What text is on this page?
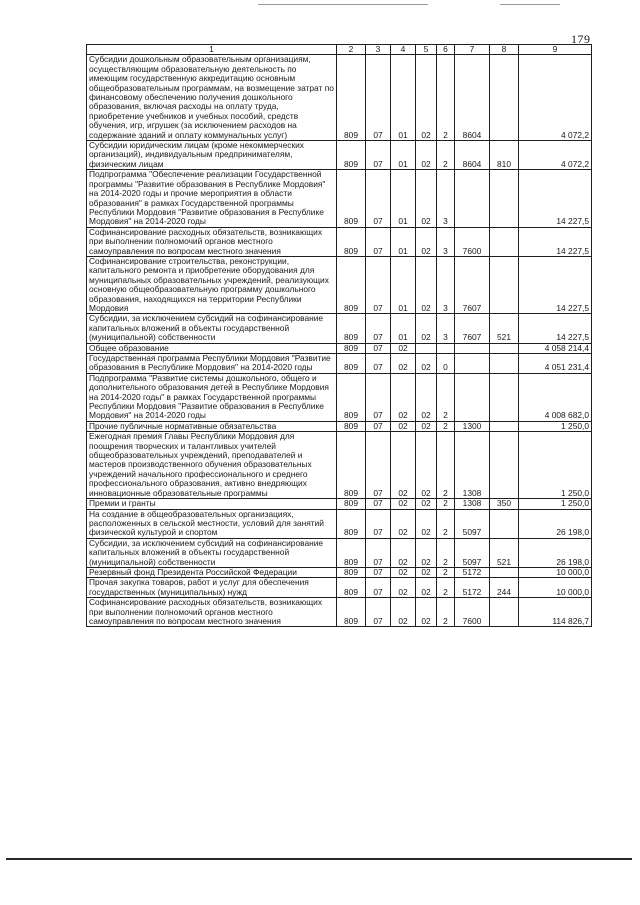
179
1	2	3	4	5	6	7	8	9
Субсидии дошкольным образовательным организациям, осуществляющим образовательную деятельность по имеющим государственную аккредитацию основным общеобразовательным программам, на возмещение затрат по финансовому обеспечению получения дошкольного образования, включая расходы на оплату труда, приобретение учебников и учебных пособий, средств обучения, игр, игрушек (за исключением расходов на содержание зданий и оплату коммунальных услуг)	809	07	01	02	2	8604		4 072,2
Субсидии юридическим лицам (кроме некоммерческих организаций), индивидуальным предпринимателям, физическим лицам	809	07	01	02	2	8604	810	4 072,2
Подпрограмма "Обеспечение реализации Государственной программы "Развитие образования в Республике Мордовия" на 2014-2020 годы и прочие мероприятия в области образования" в рамках Государственной программы Республики Мордовия "Развитие образования в Республике Мордовия" на 2014-2020 годы	809	07	01	02	3			14 227,5
Софинансирование расходных обязательств, возникающих при выполнении полномочий органов местного самоуправления по вопросам местного значения	809	07	01	02	3	7600		14 227,5
Софинансирование строительства, реконструкции, капитального ремонта и приобретение оборудования для муниципальных образовательных учреждений, реализующих основную общеобразовательную программу дошкольного образования, находящихся на территории Республики Мордовия	809	07	01	02	3	7607		14 227,5
Субсидии, за исключением субсидий на софинансирование капитальных вложений в объекты государственной (муниципальной) собственности	809	07	01	02	3	7607	521	14 227,5
Общее образование	809	07	02					4 058 214,4
Государственная программа Республики Мордовия "Развитие образования в Республике Мордовия" на 2014-2020 годы	809	07	02	02	0			4 051 231,4
Подпрограмма "Развитие системы дошкольного, общего и дополнительного образования детей в Республике Мордовия на 2014-2020 годы" в рамках Государственной программы Республики Мордовия "Развитие образования в Республике Мордовия" на 2014-2020 годы	809	07	02	02	2			4 008 682,0
Прочие публичные нормативные обязательства	809	07	02	02	2	1300		1 250,0
Ежегодная премия Главы Республики Мордовия для поощрения творческих и талантливых учителей общеобразовательных учреждений, преподавателей и мастеров производственного обучения образовательных учреждений начального профессионального и среднего профессионального образования, активно внедряющих инновационные образовательные программы	809	07	02	02	2	1308		1 250,0
Премии и гранты	809	07	02	02	2	1308	350	1 250,0
На создание в общеобразовательных организациях, расположенных в сельской местности, условий для занятий физической культурой и спортом	809	07	02	02	2	5097		26 198,0
Субсидии, за исключением субсидий на софинансирование капитальных вложений в объекты государственной (муниципальной) собственности	809	07	02	02	2	5097	521	26 198,0
Резервный фонд Президента Российской Федерации	809	07	02	02	2	5172		10 000,0
Прочая закупка товаров, работ и услуг для обеспечения государственных (муниципальных) нужд	809	07	02	02	2	5172	244	10 000,0
Софинансирование расходных обязательств, возникающих при выполнении полномочий органов местного самоуправления по вопросам местного значения	809	07	02	02	2	7600		114 826,7
